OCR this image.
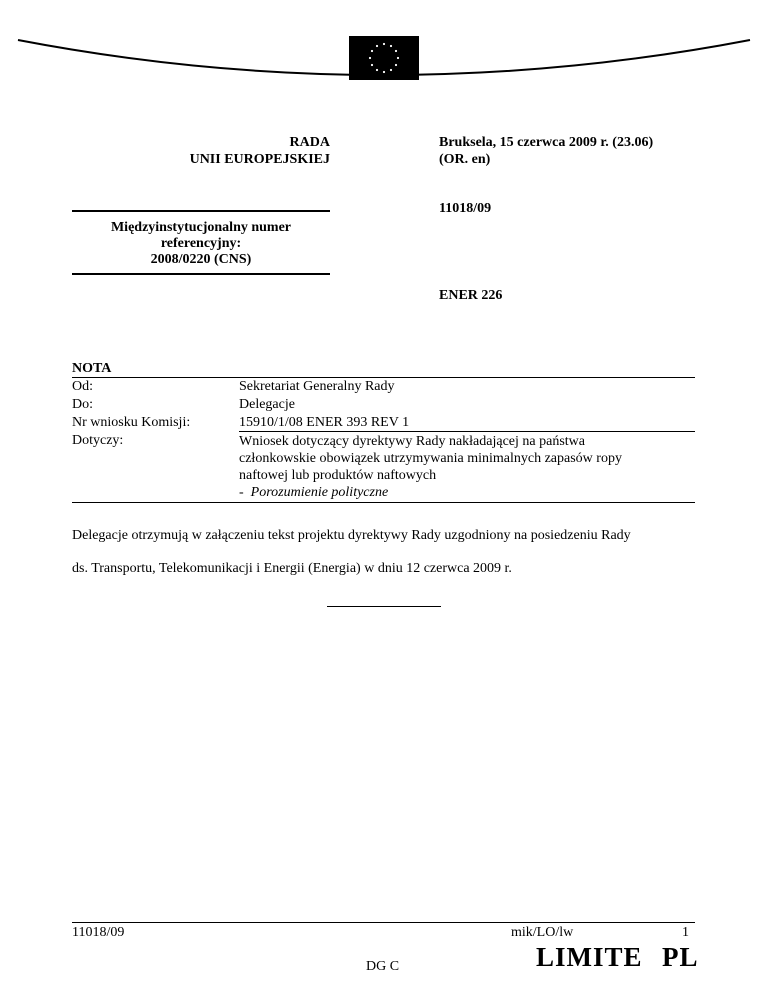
RADA
UNII EUROPEJSKIEJ
Międzyinstytucjonalny numer
referencyjny:
2008/0220 (CNS)
Bruksela, 15 czerwca 2009 r. (23.06)
(OR. en)
11018/09
ENER 226
NOTA
Od:	Sekretariat Generalny Rady
Do:	Delegacje
Nr wniosku Komisji:	15910/1/08 ENER 393 REV 1
Dotyczy:	Wniosek dotyczący dyrektywy Rady nakładającej na państwa
członkowskie obowiązek utrzymywania minimalnych zapasów ropy
naftowej lub produktów naftowych
- Porozumienie polityczne
Delegacje otrzymują w załączeniu tekst projektu dyrektywy Rady uzgodniony na posiedzeniu Rady
ds. Transportu, Telekomunikacji i Energii (Energia) w dniu 12 czerwca 2009 r.
11018/09	mik/LO/lw	1
DG C	LIMITE PL
